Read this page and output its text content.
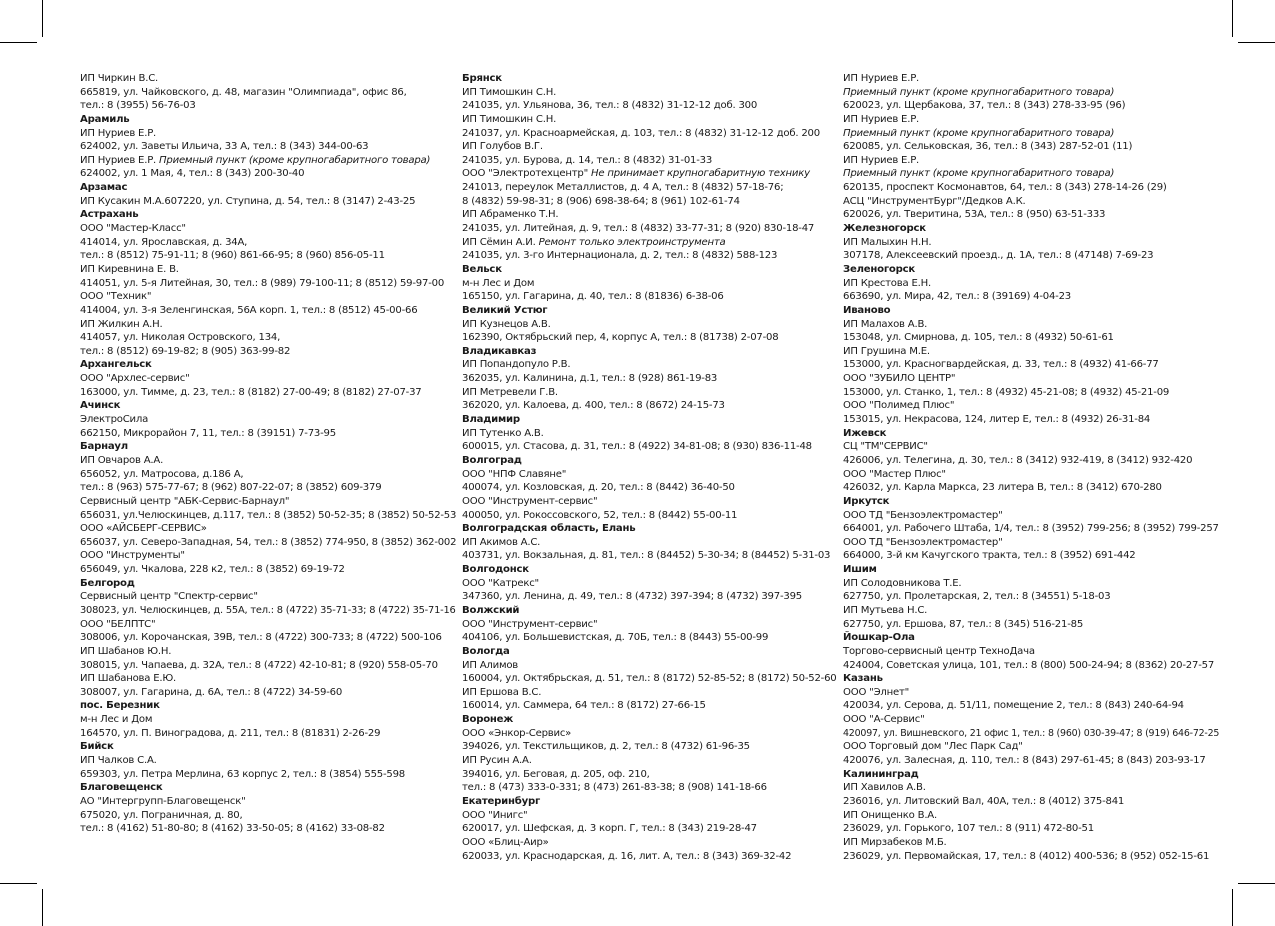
ИП Чиркин В.С.
665819, ул. Чайковского, д. 48, магазин "Олимпиада", офис 86,
тел.: 8 (3955) 56-76-03
Арамиль
ИП Нуриев Е.Р.
624002, ул. Заветы Ильича, 33 А, тел.: 8 (343) 344-00-63
ИП Нуриев Е.Р. Приемный пункт (кроме крупногабаритного товара)
624002, ул. 1 Мая, 4, тел.: 8 (343) 200-30-40
Арзамас
ИП Кусакин М.А.607220, ул. Ступина, д. 54, тел.: 8 (3147) 2-43-25
Астрахань
ООО "Мастер-Класс"
414014, ул. Ярославская, д. 34А,
тел.: 8 (8512) 75-91-11; 8 (960) 861-66-95; 8 (960) 856-05-11
ИП Киревнина Е. В.
414051, ул. 5-я Литейная, 30, тел.: 8 (989) 79-100-11; 8 (8512) 59-97-00
ООО "Техник"
414004, ул. 3-я Зеленгинская, 56А корп. 1, тел.: 8 (8512) 45-00-66
ИП Жилкин А.Н.
414057, ул. Николая Островского, 134,
тел.: 8 (8512) 69-19-82; 8 (905) 363-99-82
Архангельск
ООО "Архлес-сервис"
163000, ул. Тимме, д. 23, тел.: 8 (8182) 27-00-49; 8 (8182) 27-07-37
Ачинск
ЭлектроСила
662150, Микрорайон 7, 11, тел.: 8 (39151) 7-73-95
Барнаул
ИП Овчаров А.А.
656052, ул. Матросова, д.186 А,
тел.: 8 (963) 575-77-67; 8 (962) 807-22-07; 8 (3852) 609-379
Сервисный центр "АБК-Сервис-Барнаул"
656031, ул.Челюскинцев, д.117, тел.: 8 (3852) 50-52-35; 8 (3852) 50-52-53
ООО «АЙСБЕРГ-СЕРВИС»
656037, ул. Северо-Западная, 54, тел.: 8 (3852) 774-950, 8 (3852) 362-002
ООО "Инструменты"
656049, ул. Чкалова, 228 к2, тел.: 8 (3852) 69-19-72
Белгород
Сервисный центр "Спектр-сервис"
308023, ул. Челюскинцев, д. 55А, тел.: 8 (4722) 35-71-33; 8 (4722) 35-71-16
ООО "БЕЛПТС"
308006, ул. Корочанская, 39В, тел.: 8 (4722) 300-733; 8 (4722) 500-106
ИП Шабанов Ю.Н.
308015, ул. Чапаева, д. 32А, тел.: 8 (4722) 42-10-81; 8 (920) 558-05-70
ИП Шабанова Е.Ю.
308007, ул. Гагарина, д. 6А, тел.: 8 (4722) 34-59-60
пос. Березник
м-н Лес и Дом
164570, ул. П. Виноградова, д. 211, тел.: 8 (81831) 2-26-29
Бийск
ИП Чалков С.А.
659303, ул. Петра Мерлина, 63 корпус 2, тел.: 8 (3854) 555-598
Благовещенск
АО "Интергрупп-Благовещенск"
675020, ул. Пограничная, д. 80,
тел.: 8 (4162) 51-80-80; 8 (4162) 33-50-05; 8 (4162) 33-08-82
Брянск
ИП Тимошкин С.Н.
241035, ул. Ульянова, 36, тел.: 8 (4832) 31-12-12 доб. 300
ИП Тимошкин С.Н.
241037, ул. Красноармейская, д. 103, тел.: 8 (4832) 31-12-12 доб. 200
ИП Голубов В.Г.
241035, ул. Бурова, д. 14, тел.: 8 (4832) 31-01-33
ООО "Электротехцентр" Не принимает крупногабаритную технику
241013, переулок Металлистов, д. 4 А, тел.: 8 (4832) 57-18-76;
8 (4832) 59-98-31; 8 (906) 698-38-64; 8 (961) 102-61-74
ИП Абраменко Т.Н.
241035, ул. Литейная, д. 9, тел.: 8 (4832) 33-77-31; 8 (920) 830-18-47
ИП Сёмин А.И. Ремонт только электроинструмента
241035, ул. 3-го Интернационала, д. 2, тел.: 8 (4832) 588-123
Вельск
м-н Лес и Дом
165150, ул. Гагарина, д. 40, тел.: 8 (81836) 6-38-06
Великий Устюг
ИП Кузнецов А.В.
162390, Октябрьский пер, 4, корпус А, тел.: 8 (81738) 2-07-08
Владикавказ
ИП Попандопуло Р.В.
362035, ул. Калинина, д.1, тел.: 8 (928) 861-19-83
ИП Метревели Г.В.
362020, ул. Калоева, д. 400, тел.: 8 (8672) 24-15-73
Владимир
ИП Тутенко А.В.
600015, ул. Стасова, д. 31, тел.: 8 (4922) 34-81-08; 8 (930) 836-11-48
Волгоград
ООО "НПФ Славяне"
400074, ул. Козловская, д. 20, тел.: 8 (8442) 36-40-50
ООО "Инструмент-сервис"
400050, ул. Рокоссовского, 52, тел.: 8 (8442) 55-00-11
Волгоградская область, Елань
ИП Акимов А.С.
403731, ул. Вокзальная, д. 81, тел.: 8 (84452) 5-30-34; 8 (84452) 5-31-03
Волгодонск
ООО "Катрекс"
347360, ул. Ленина, д. 49, тел.: 8 (4732) 397-394; 8 (4732) 397-395
Волжский
ООО "Инструмент-сервис"
404106, ул. Большевистская, д. 70Б, тел.: 8 (8443) 55-00-99
Вологда
ИП Алимов
160004, ул. Октябрьская, д. 51, тел.: 8 (8172) 52-85-52; 8 (8172) 50-52-60
ИП Ершова В.С.
160014, ул. Саммера, 64 тел.: 8 (8172) 27-66-15
Воронеж
ООО «Энкор-Сервис»
394026, ул. Текстильщиков, д. 2, тел.: 8 (4732) 61-96-35
ИП Русин А.А.
394016, ул. Беговая, д. 205, оф. 210,
тел.: 8 (473) 333-0-331; 8 (473) 261-83-38; 8 (908) 141-18-66
Екатеринбург
ООО "Инигс"
620017, ул. Шефская, д. 3 корп. Г, тел.: 8 (343) 219-28-47
ООО «Блиц-Аир»
620033, ул. Краснодарская, д. 16, лит. А, тел.: 8 (343) 369-32-42
ИП Нуриев Е.Р.
Приемный пункт (кроме крупногабаритного товара)
620023, ул. Щербакова, 37, тел.: 8 (343) 278-33-95 (96)
ИП Нуриев Е.Р.
Приемный пункт (кроме крупногабаритного товара)
620085, ул. Сельковская, 36, тел.: 8 (343) 287-52-01 (11)
ИП Нуриев Е.Р.
Приемный пункт (кроме крупногабаритного товара)
620135, проспект Космонавтов, 64, тел.: 8 (343) 278-14-26 (29)
АСЦ "ИнструментБург"/Дедков А.К.
620026, ул. Тверитина, 53А, тел.: 8 (950) 63-51-333
Железногорск
ИП Малыхин Н.Н.
307178, Алексеевский проезд., д. 1А, тел.: 8 (47148) 7-69-23
Зеленогорск
ИП Крестова Е.Н.
663690, ул. Мира, 42, тел.: 8 (39169) 4-04-23
Иваново
ИП Малахов А.В.
153048, ул. Смирнова, д. 105, тел.: 8 (4932) 50-61-61
ИП Грушина М.Е.
153000, ул. Красногвардейская, д. 33, тел.: 8 (4932) 41-66-77
ООО "ЗУБИЛО ЦЕНТР"
153000, ул. Станко, 1, тел.: 8 (4932) 45-21-08; 8 (4932) 45-21-09
ООО "Полимед Плюс"
153015, ул. Некрасова, 124, литер Е, тел.: 8 (4932) 26-31-84
Ижевск
СЦ "ТМ"СЕРВИС"
426006, ул. Телегина, д. 30, тел.: 8 (3412) 932-419, 8 (3412) 932-420
ООО "Мастер Плюс"
426032, ул. Карла Маркса, 23 литера В, тел.: 8 (3412) 670-280
Иркутск
ООО ТД "Бензоэлектромастер"
664001, ул. Рабочего Штаба, 1/4, тел.: 8 (3952) 799-256; 8 (3952) 799-257
ООО ТД "Бензоэлектромастер"
664000, 3-й км Качугского тракта, тел.: 8 (3952) 691-442
Ишим
ИП Солодовникова Т.Е.
627750, ул. Пролетарская, 2, тел.: 8 (34551) 5-18-03
ИП Мутьева Н.С.
627750, ул. Ершова, 87, тел.: 8 (345) 516-21-85
Йошкар-Ола
Торгово-сервисный центр ТехноДача
424004, Советская улица, 101, тел.: 8 (800) 500-24-94; 8 (8362) 20-27-57
Казань
ООО "Элнет"
420034, ул. Серова, д. 51/11, помещение 2, тел.: 8 (843) 240-64-94
ООО "А-Сервис"
420097, ул. Вишневского, 21 офис 1, тел.: 8 (960) 030-39-47; 8 (919) 646-72-25
ООО Торговый дом "Лес Парк Сад"
420076, ул. Залесная, д. 110, тел.: 8 (843) 297-61-45; 8 (843) 203-93-17
Калининград
ИП Хавилов А.В.
236016, ул. Литовский Вал, 40А, тел.: 8 (4012) 375-841
ИП Онищенко В.А.
236029, ул. Горького, 107 тел.: 8 (911) 472-80-51
ИП Мирзабеков М.Б.
236029, ул. Первомайская, 17, тел.: 8 (4012) 400-536; 8 (952) 052-15-61
